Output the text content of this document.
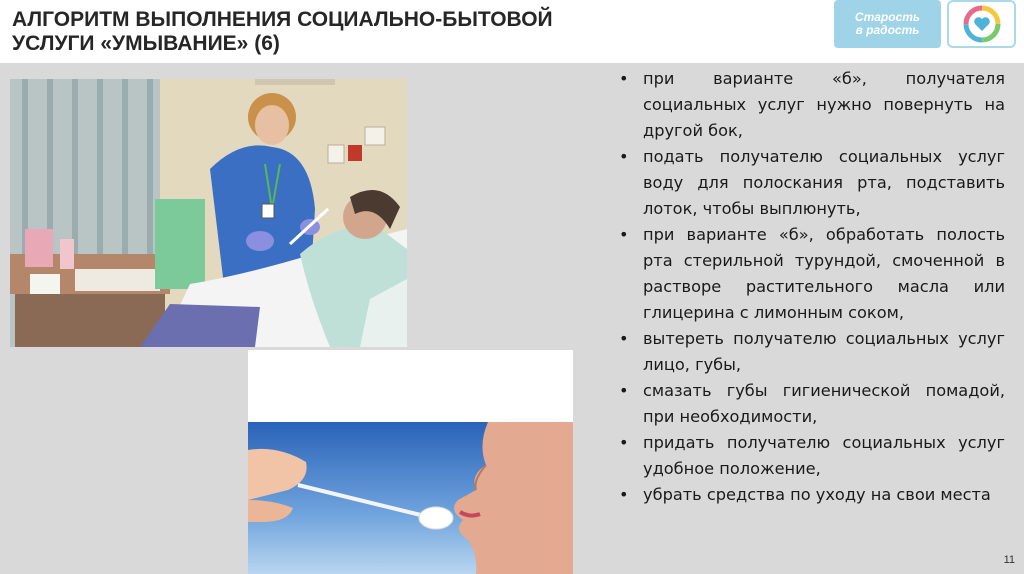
АЛГОРИТМ ВЫПОЛНЕНИЯ СОЦИАЛЬНО-БЫТОВОЙ
УСЛУГИ «УМЫВАНИЕ» (6)
Старость
в радость
• при варианте «б», получателя социальных услуг нужно повернуть на другой бок,
• подать получателю социальных услуг воду для полоскания рта, подставить лоток, чтобы выплюнуть,
• при варианте «б», обработать полость рта стерильной турундой, смоченной в растворе растительного масла или глицерина с лимонным соком,
• вытереть получателю социальных услуг лицо, губы,
• смазать губы гигиенической помадой, при необходимости,
• придать получателю социальных услуг удобное положение,
• убрать средства по уходу на свои места
11
